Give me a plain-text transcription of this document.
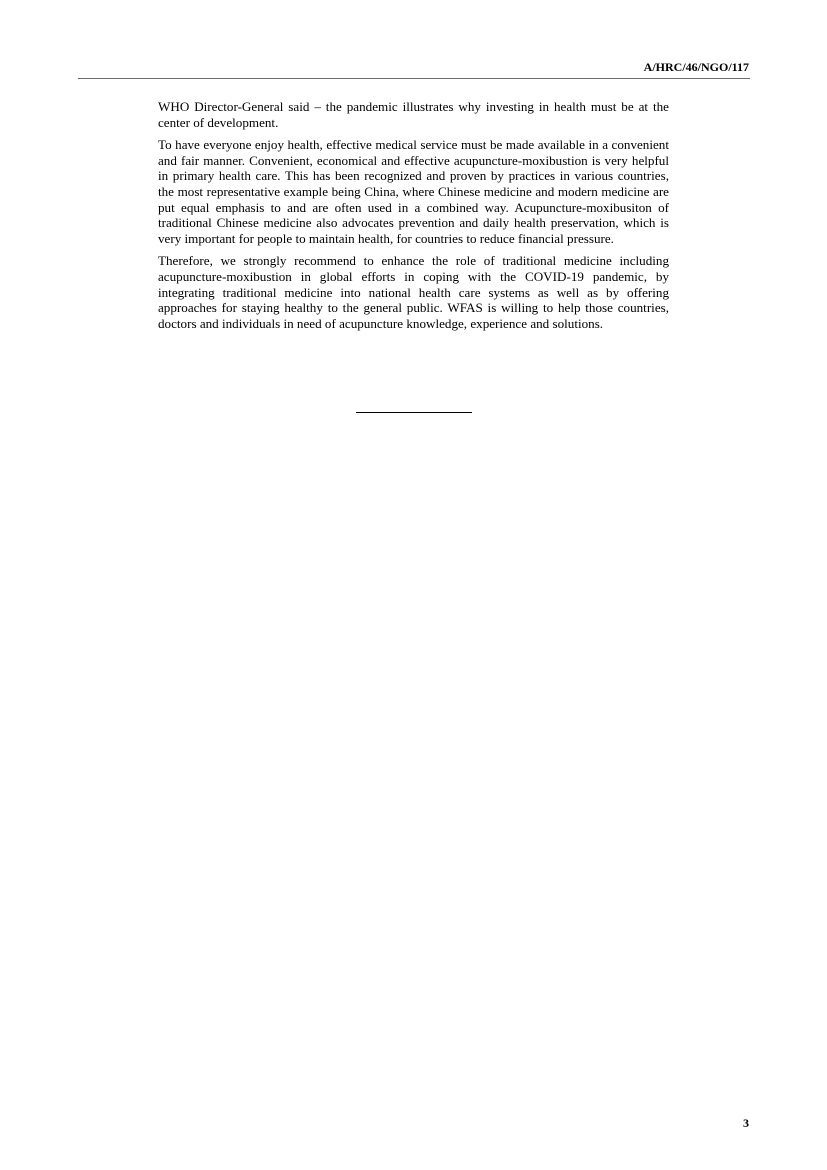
A/HRC/46/NGO/117

WHO Director-General said – the pandemic illustrates why investing in health must be at the center of development.

To have everyone enjoy health, effective medical service must be made available in a convenient and fair manner. Convenient, economical and effective acupuncture-moxibustion is very helpful in primary health care. This has been recognized and proven by practices in various countries, the most representative example being China, where Chinese medicine and modern medicine are put equal emphasis to and are often used in a combined way. Acupuncture-moxibusiton of traditional Chinese medicine also advocates prevention and daily health preservation, which is very important for people to maintain health, for countries to reduce financial pressure.

Therefore, we strongly recommend to enhance the role of traditional medicine including acupuncture-moxibustion in global efforts in coping with the COVID-19 pandemic, by integrating traditional medicine into national health care systems as well as by offering approaches for staying healthy to the general public. WFAS is willing to help those countries, doctors and individuals in need of acupuncture knowledge, experience and solutions.

3
